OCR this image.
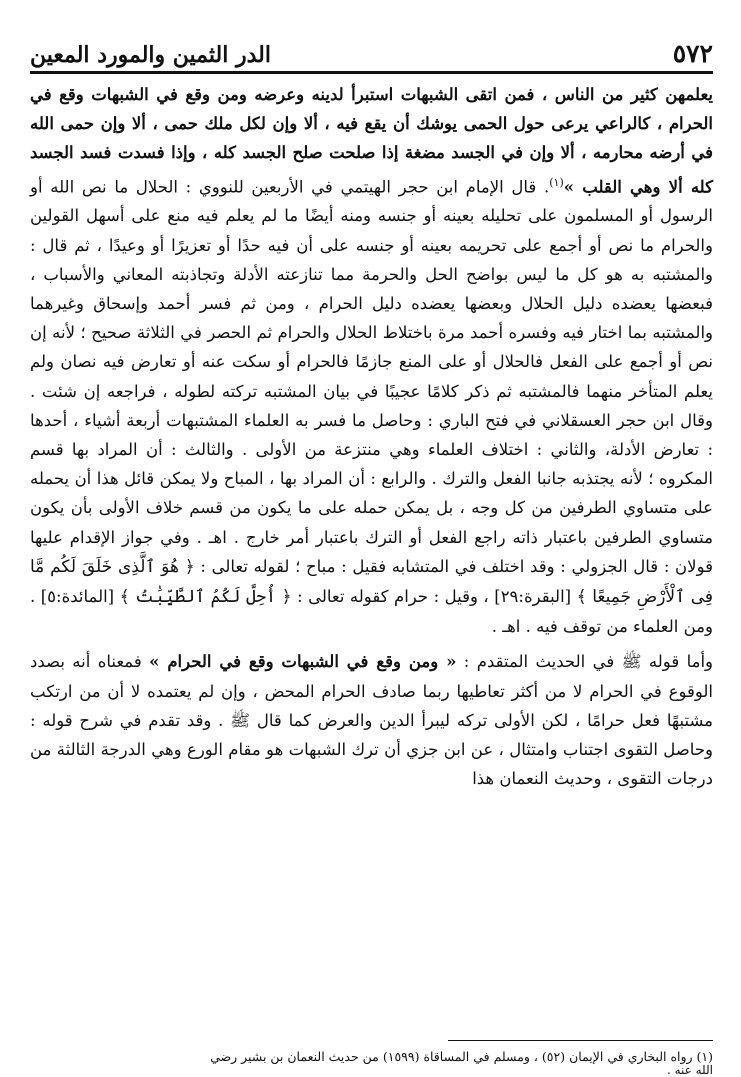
٥٧٢
الدر الثمين والمورد المعين

يعلمهن كثير من الناس ، فمن اتقى الشبهات استبرأ لدينه وعرضه ومن وقع في الشبهات وقع في الحرام ، كالراعي يرعى حول الحمى يوشك أن يقع فيه ، ألا وإن لكل ملك حمى ، ألا وإن حمى الله في أرضه محارمه ، ألا وإن في الجسد مضغة إذا صلحت صلح الجسد كله ، وإذا فسدت فسد الجسد كله ألا وهي القلب »$^{(١)}$. قال الإمام ابن حجر الهيتمي في الأربعين للنووي : الحلال ما نص الله أو الرسول أو المسلمون على تحليله بعينه أو جنسه ومنه أيضًا ما لم يعلم فيه منع على أسهل القولين والحرام ما نص أو أجمع على تحريمه بعينه أو جنسه على أن فيه حدًا أو تعزيرًا أو وعيدًا ، ثم قال : والمشتبه به هو كل ما ليس بواضح الحل والحرمة مما تنازعته الأدلة وتجاذبته المعاني والأسباب ، فبعضها يعضده دليل الحلال وبعضها يعضده دليل الحرام ، ومن ثم فسر أحمد وإسحاق وغيرهما والمشتبه بما اختار فيه وفسره أحمد مرة باختلاط الحلال والحرام ثم الحصر في الثلاثة صحيح ؛ لأنه إن نص أو أجمع على الفعل فالحلال أو على المنع جازمًا فالحرام أو سكت عنه أو تعارض فيه نصان ولم يعلم المتأخر منهما فالمشتبه ثم ذكر كلامًا عجيبًا في بيان المشتبه تركته لطوله ، فراجعه إن شئت . وقال ابن حجر العسقلاني في فتح الباري : وحاصل ما فسر به العلماء المشتبهات أربعة أشياء ، أحدها : تعارض الأدلة، والثاني : اختلاف العلماء وهي منتزعة من الأولى . والثالث : أن المراد بها قسم المكروه ؛ لأنه يجتذبه جانبا الفعل والترك . والرابع : أن المراد بها ، المباح ولا يمكن قائل هذا أن يحمله على متساوي الطرفين من كل وجه ، بل يمكن حمله على ما يكون من قسم خلاف الأولى بأن يكون متساوي الطرفين باعتبار ذاته راجع الفعل أو الترك باعتبار أمر خارج . اهـ . وفي جواز الإقدام عليها قولان : قال الجزولي : وقد اختلف في المتشابه فقيل : مباح ؛ لقوله تعالى : ﴿ هُوَ ٱلَّذِى خَلَقَ لَكُم مَّا فِى ٱلْأَرْضِ جَمِيعًا ﴾ [البقرة:٢٩] ، وقيل : حرام كقوله تعالى : ﴿ أُحِلَّ لَكُمُ ٱلطَّيِّبَٰتُ ﴾ [المائدة:٥] . ومن العلماء من توقف فيه . اهـ .

وأما قوله ﷺ في الحديث المتقدم : « ومن وقع في الشبهات وقع في الحرام » فمعناه أنه بصدد الوقوع في الحرام لا من أكثر تعاطيها ربما صادف الحرام المحض ، وإن لم يعتمده لا أن من ارتكب مشتبهًا فعل حرامًا ، لكن الأولى تركه ليبرأ الدين والعرض كما قال ﷺ . وقد تقدم في شرح قوله : وحاصل التقوى اجتناب وامتثال ، عن ابن جزي أن ترك الشبهات هو مقام الورع وهي الدرجة الثالثة من درجات التقوى ، وحديث النعمان هذا

(١) رواه البخاري في الإيمان (٥٢) ، ومسلم في المساقاة (١٥٩٩) من حديث النعمان بن بشير رضي
الله عنه .
